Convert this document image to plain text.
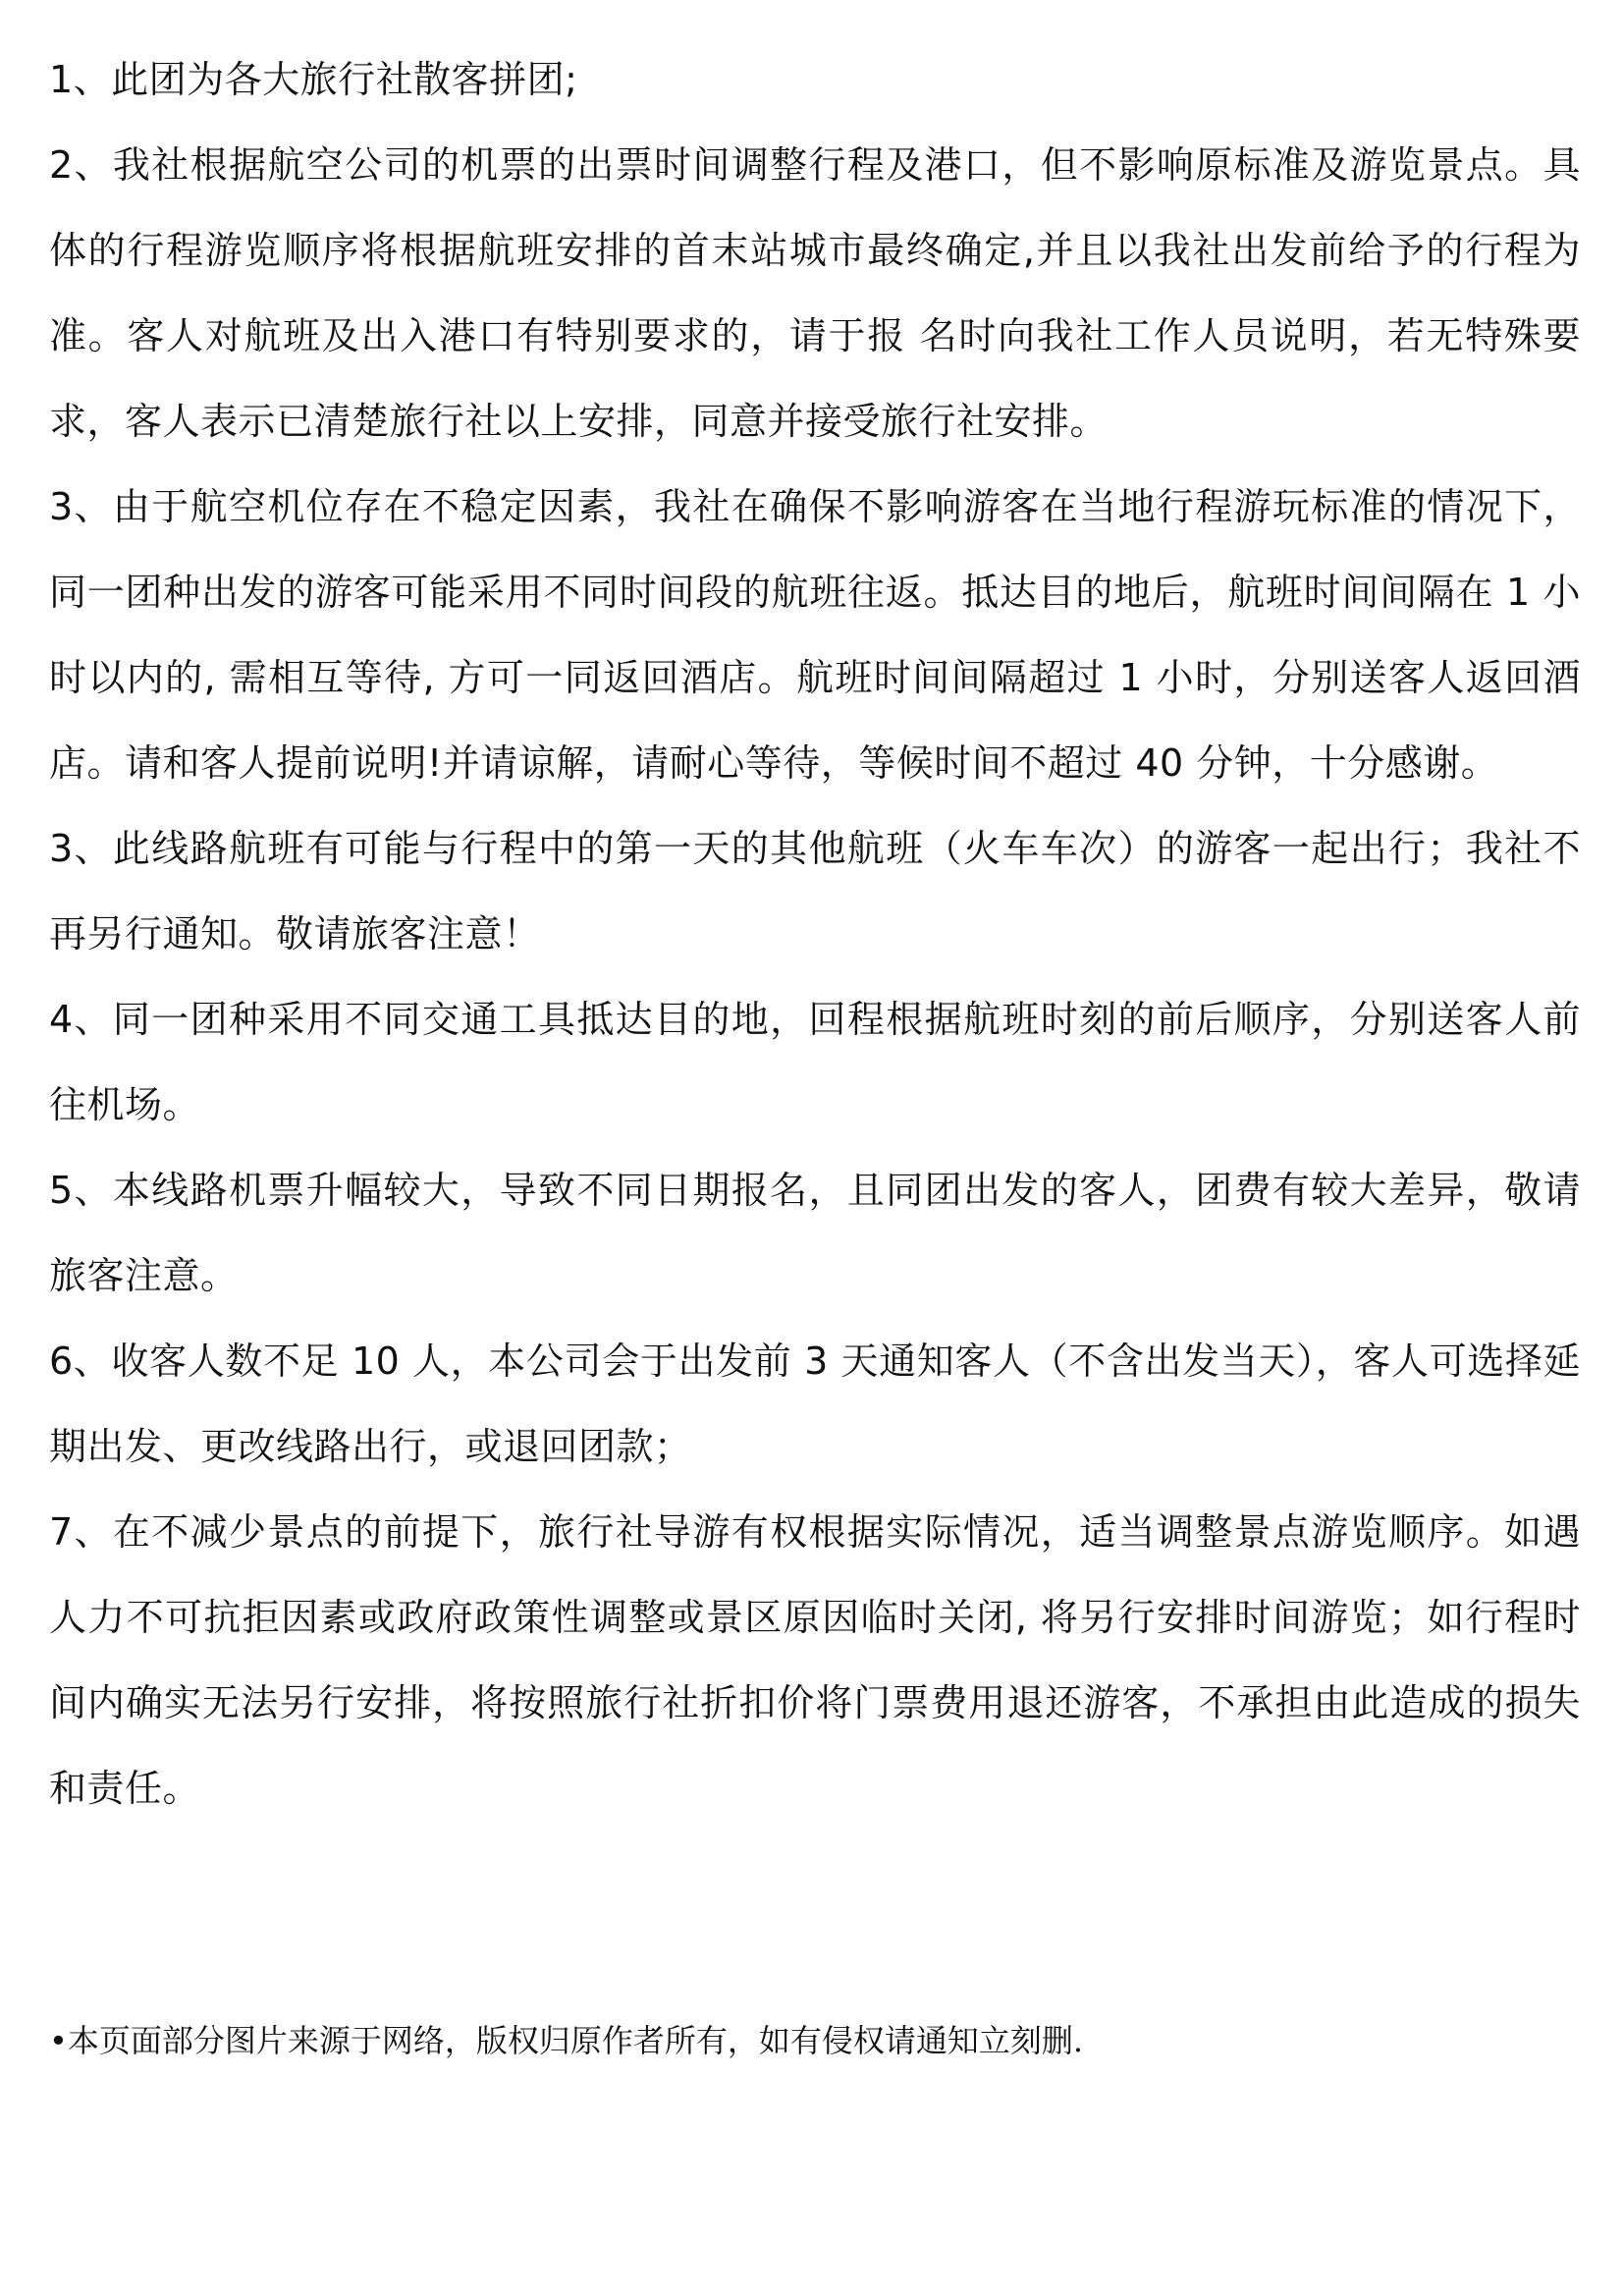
1、此团为各大旅行社散客拼团;

2、我社根据航空公司的机票的出票时间调整行程及港口，但不影响原标准及游览景点。具体的行程游览顺序将根据航班安排的首末站城市最终确定,并且以我社出发前给予的行程为准。客人对航班及出入港口有特别要求的，请于报 名时向我社工作人员说明，若无特殊要求，客人表示已清楚旅行社以上安排，同意并接受旅行社安排。

3、由于航空机位存在不稳定因素，我社在确保不影响游客在当地行程游玩标准的情况下，同一团种出发的游客可能采用不同时间段的航班往返。抵达目的地后，航班时间间隔在 1 小时以内的, 需相互等待, 方可一同返回酒店。航班时间间隔超过 1 小时，分别送客人返回酒店。请和客人提前说明!并请谅解，请耐心等待，等候时间不超过 40 分钟，十分感谢。

3、此线路航班有可能与行程中的第一天的其他航班（火车车次）的游客一起出行；我社不再另行通知。敬请旅客注意！

4、同一团种采用不同交通工具抵达目的地，回程根据航班时刻的前后顺序，分别送客人前往机场。

5、本线路机票升幅较大，导致不同日期报名，且同团出发的客人，团费有较大差异，敬请旅客注意。

6、收客人数不足 10 人，本公司会于出发前 3 天通知客人（不含出发当天），客人可选择延期出发、更改线路出行，或退回团款；

7、在不减少景点的前提下，旅行社导游有权根据实际情况，适当调整景点游览顺序。如遇人力不可抗拒因素或政府政策性调整或景区原因临时关闭, 将另行安排时间游览；如行程时间内确实无法另行安排，将按照旅行社折扣价将门票费用退还游客，不承担由此造成的损失和责任。

•本页面部分图片来源于网络，版权归原作者所有，如有侵权请通知立刻删.
